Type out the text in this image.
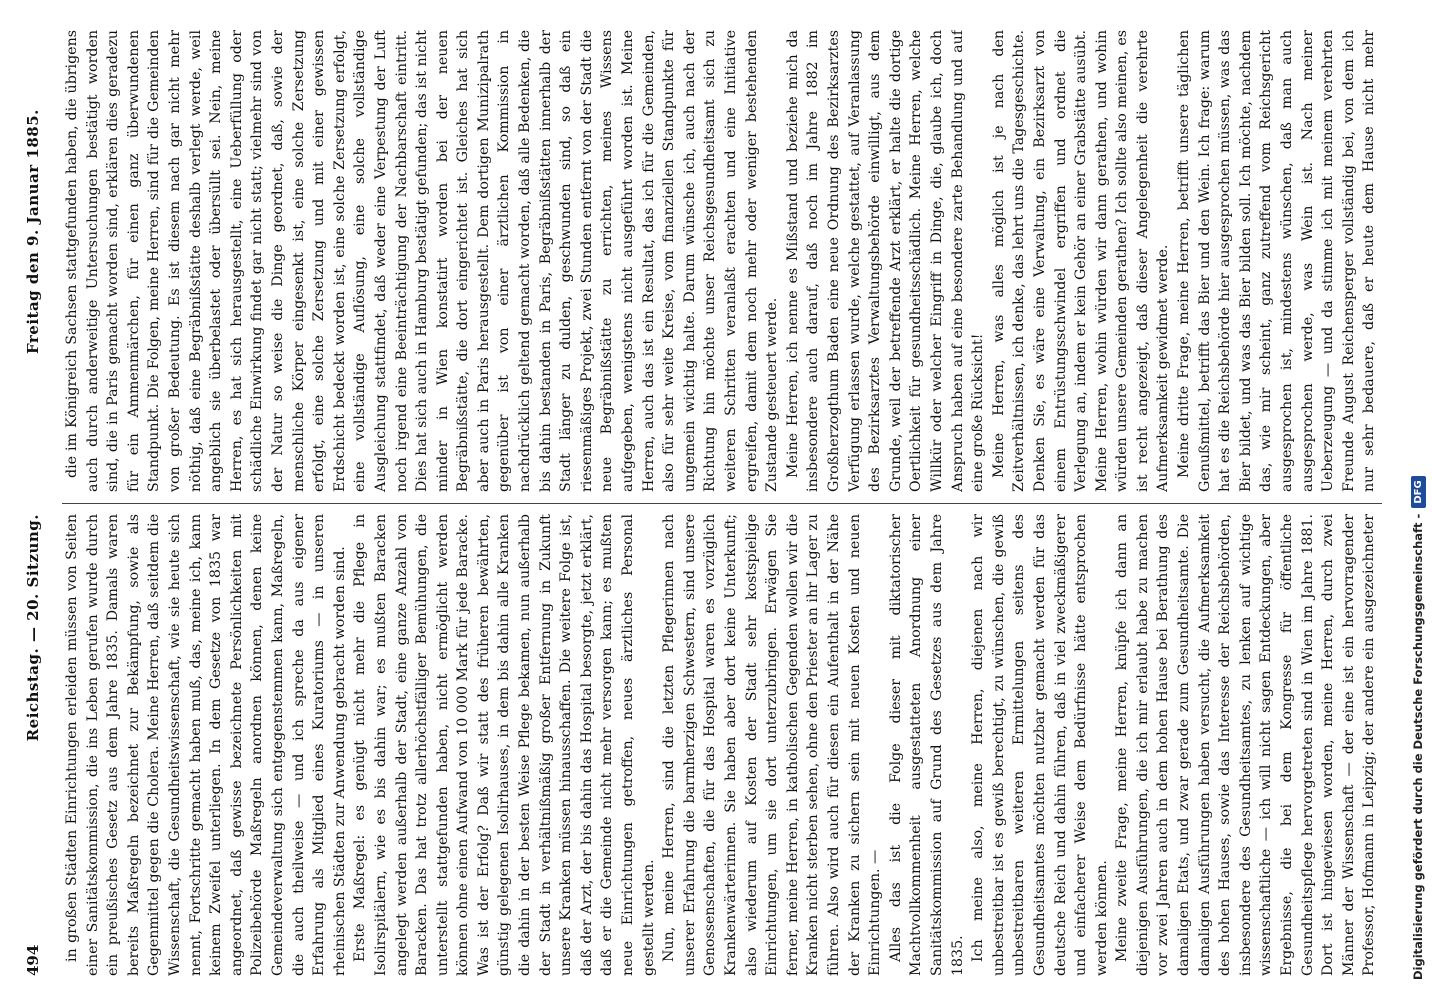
494
Reichstag. — 20. Sitzung.
Freitag den 9. Januar 1885.

in großen Städten Einrichtungen erleiden müssen von Seiten einer Sanitätskommission, die ins Leben gerufen wurde durch ein preußisches Gesetz aus dem Jahre 1835. Damals waren bereits Maßregeln bezeichnet zur Bekämpfung, sowie als Gegenmittel gegen die Cholera. Meine Herren, daß seitdem die Wissenschaft, die Gesundheitswissenschaft, wie sie heute sich nennt, Fortschritte gemacht haben muß, das, meine ich, kann keinem Zweifel unterliegen. In dem Gesetze von 1835 war angeordnet, daß gewisse bezeichnete Persönlichkeiten mit Polizeibehörde Maßregeln anordnen können, denen keine Gemeindeverwaltung sich entgegenstemmen kann, Maßregeln, die auch theilweise — und ich spreche da aus eigener Erfahrung als Mitglied eines Kuratoriums — in unseren rheinischen Städten zur Anwendung gebracht worden sind. Erste Maßregel: es genügt nicht mehr die Pflege in Isolirspitälern, wie es bis dahin war; es mußten Baracken angelegt werden außerhalb der Stadt, eine ganze Anzahl von Baracken. Das hat trotz allerhöchstfälliger Bemühungen, die unterstellt stattgefunden haben, nicht ermöglicht werden können ohne einen Aufwand von 10 000 Mark für jede Baracke. Was ist der Erfolg? Daß wir statt des früheren bewährten, günstig gelegenen Isolirhauses, in dem bis dahin alle Kranken die dahin in der besten Weise Pflege bekamen, nun außerhalb der Stadt in verhältnißmäßig großer Entfernung in Zukunft unsere Kranken müssen hinausschaffen. Die weitere Folge ist, daß der Arzt, der bis dahin das Hospital besorgte, jetzt erklärt, daß er die Gemeinde nicht mehr versorgen kann; es mußten neue Einrichtungen getroffen, neues ärztliches Personal gestellt werden. Nun, meine Herren, sind die letzten Pflegerinnen nach unserer Erfahrung die barmherzigen Schwestern, sind unsere Genossenschaften, die für das Hospital waren es vorzüglich Krankenwärterinnen. Sie haben aber dort keine Unterkunft; also wiederum auf Kosten der Stadt sehr kostspielige Einrichtungen, um sie dort unterzubringen. Erwägen Sie ferner, meine Herren, in katholischen Gegenden wollen wir die Kranken nicht sterben sehen, ohne den Priester an ihr Lager zu führen. Also wird auch für diesen ein Aufenthalt in der Nähe der Kranken zu sichern sein mit neuen Kosten und neuen Einrichtungen. — Alles das ist die Folge dieser mit diktatorischer Machtvollkommenheit ausgestatteten Anordnung einer Sanitätskommission auf Grund des Gesetzes aus dem Jahre 1835. Ich meine also, meine Herren, diejenen nach wir unbestreitbar ist es gewiß berechtigt, zu wünschen, die gewiß unbestreitbaren weiteren Ermittelungen seitens des Gesundheitsamtes möchten nutzbar gemacht werden für das deutsche Reich und dahin führen, daß in viel zweckmäßigerer und einfacherer Weise dem Bedürfnisse hätte entsprochen werden können. Meine zweite Frage, meine Herren, knüpfe ich dann an diejenigen Ausführungen, die ich mir erlaubt habe zu machen vor zwei Jahren auch in dem hohen Hause bei Berathung des damaligen Etats, und zwar gerade zum Gesundheitsamte. Die damaligen Ausführungen haben versucht, die Aufmerksamkeit des hohen Hauses, sowie das Interesse der Reichsbehörden, insbesondere des Gesundheitsamtes, zu lenken auf wichtige wissenschaftliche — ich will nicht sagen Entdeckungen, aber Ergebnisse, die bei dem Kongresse für öffentliche Gesundheitspflege hervorgetreten sind in Wien im Jahre 1881. Dort ist hingewiesen worden, meine Herren, durch zwei Männer der Wissenschaft — der eine ist ein hervorragender Professor, Hofmann in Leipzig; der andere ein ausgezeichneter

die im Königreich Sachsen stattgefunden haben, die übrigens auch durch anderweitige Untersuchungen bestätigt worden sind, die in Paris gemacht worden sind, erklären dies geradezu für ein Ammenmärchen, für einen ganz überwundenen Standpunkt. Die Folgen, meine Herren, sind für die Gemeinden von großer Bedeutung. Es ist diesem nach gar nicht mehr nöthig, daß eine Begräbnißstätte deshalb verlegt werde, weil angeblich sie überbelastet oder übersüllt sei. Nein, meine Herren, es hat sich herausgestellt, eine Ueberfüllung oder schädliche Einwirkung findet gar nicht statt; vielmehr sind von der Natur so weise die Dinge geordnet, daß, sowie der menschliche Körper eingesenkt ist, eine solche Zersetzung erfolgt, eine solche Zersetzung und mit einer gewissen Erdschicht bedeckt worden ist, eine solche Zersetzung erfolgt, eine vollständige Auflösung, eine solche vollständige Ausgleichung stattfindet, daß weder eine Verpestung der Luft noch irgend eine Beeinträchtigung der Nachbarschaft eintritt. Dies hat sich auch in Hamburg bestätigt gefunden; das ist nicht minder in Wien konstatirt worden bei der neuen Begräbnißstätte, die dort eingerichtet ist. Gleiches hat sich aber auch in Paris herausgestellt. Dem dortigen Munizipalrath gegenüber ist von einer ärztlichen Kommission in nachdrücklich geltend gemacht worden, daß alle Bedenken, die bis dahin bestanden in Paris, Begräbnißstätten innerhalb der Stadt länger zu dulden, geschwunden sind, so daß ein riesenmäßiges Projekt, zwei Stunden entfernt von der Stadt die neue Begräbnißstätte zu errichten, meines Wissens aufgegeben, wenigstens nicht ausgeführt worden ist. Meine Herren, auch das ist ein Resultat, das ich für die Gemeinden, also für sehr weite Kreise, vom finanziellen Standpunkte für ungemein wichtig halte. Darum wünsche ich, auch nach der Richtung hin möchte unser Reichsgesundheitsamt sich zu weiteren Schritten veranlaßt erachten und eine Initiative ergreifen, damit dem noch mehr oder weniger bestehenden Zustande gesteuert werde. Meine Herren, ich nenne es Mißstand und beziehe mich da insbesondere auch darauf, daß noch im Jahre 1882 im Großherzogthum Baden eine neue Ordnung des Bezirksarztes Verfügung erlassen wurde, welche gestattet, auf Veranlassung des Bezirksarztes Verwaltungsbehörde einwilligt, aus dem Grunde, weil der betreffende Arzt erklärt, er halte die dortige Oertlichkeit für gesundheitsschädlich. Meine Herren, welche Willkür oder welcher Eingriff in Dinge, die, glaube ich, doch Anspruch haben auf eine besondere zarte Behandlung und auf eine große Rücksicht! Meine Herren, was alles möglich ist je nach den Zeitverhältnissen, ich denke, das lehrt uns die Tagesgeschichte. Denken Sie, es wäre eine Verwaltung, ein Bezirksarzt von einem Entrüstungsschwindel ergriffen und ordnet die Verlegung an, indem er kein Gehör an einer Grabstätte ausübt. Meine Herren, wohin würden wir dann gerathen, und wohin würden unsere Gemeinden gerathen? Ich sollte also meinen, es ist recht angezeigt, daß dieser Angelegenheit die verehrte Aufmerksamkeit gewidmet werde. Meine dritte Frage, meine Herren, betrifft unsere täglichen Genußmittel, betrifft das Bier und den Wein. Ich frage: warum hat es die Reichsbehörde hier ausgesprochen müssen, was das Bier bildet, und was das Bier bilden soll. Ich möchte, nachdem das, wie mir scheint, ganz zutreffend vom Reichsgericht ausgesprochen ist, mindestens wünschen, daß man auch ausgesprochen werde, was Wein ist. Nach meiner Ueberzeugung — und da stimme ich mit meinem verehrten Freunde August Reichensperger vollständig bei, von dem ich nur sehr bedauere, daß er heute dem Hause nicht mehr

Digitalisierung gefördert durch die Deutsche Forschungsgemeinschaft -
DFG
